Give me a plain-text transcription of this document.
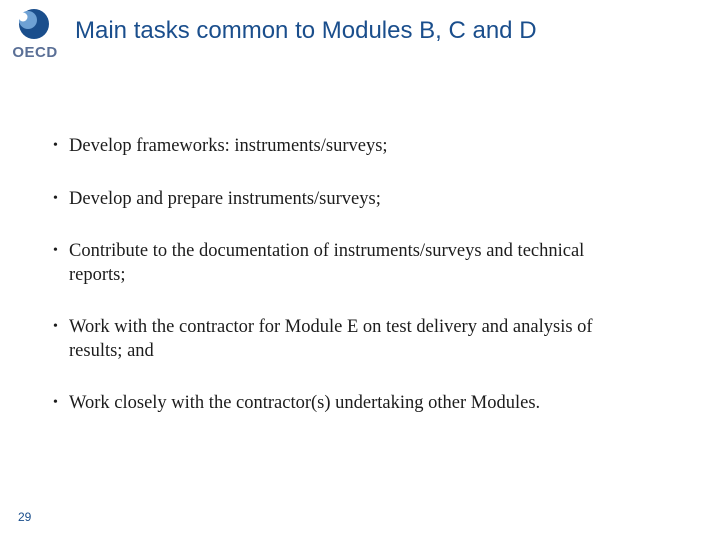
OECD
Main tasks common to Modules B, C and D
• Develop frameworks: instruments/surveys;
• Develop and prepare instruments/surveys;
• Contribute to the documentation of instruments/surveys and technical reports;
• Work with the contractor for Module E on test delivery and analysis of results; and
• Work closely with the contractor(s) undertaking other Modules.
29
